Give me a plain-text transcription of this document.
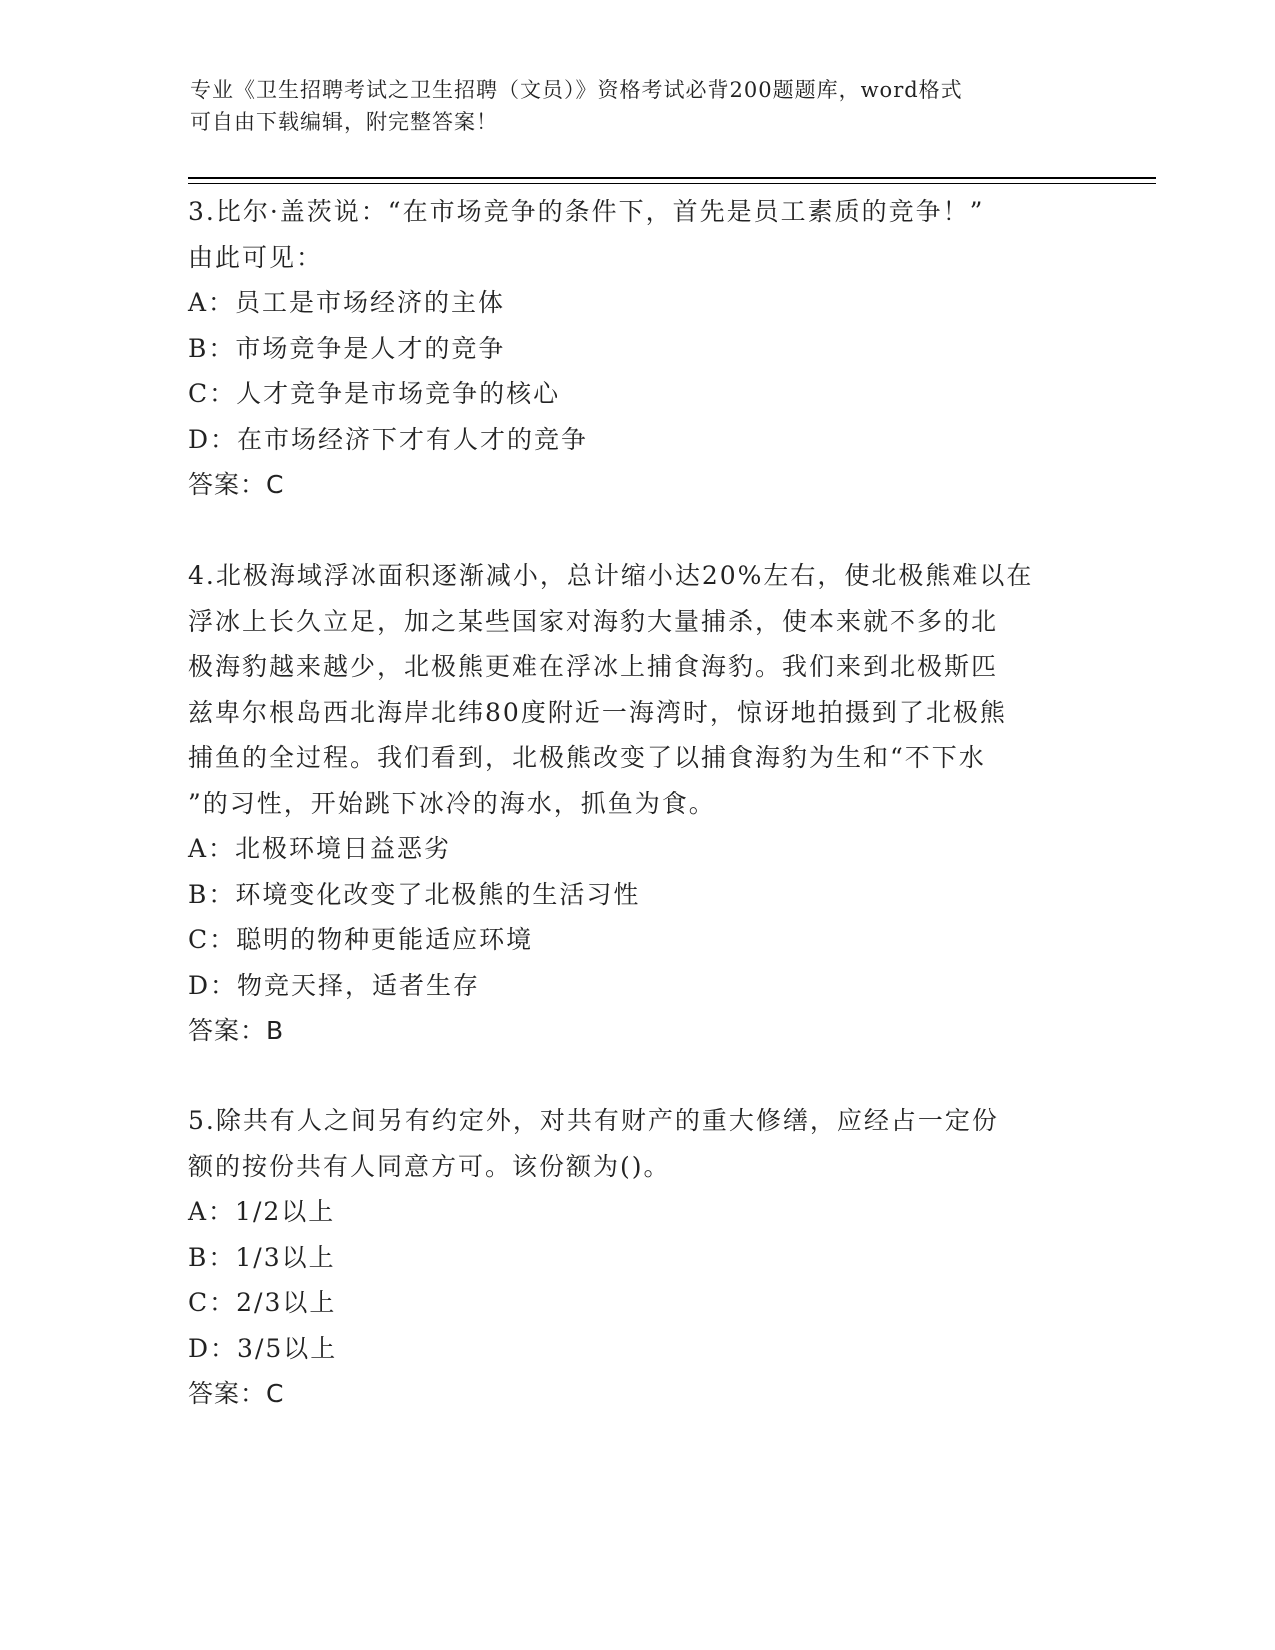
专业《卫生招聘考试之卫生招聘（文员）》资格考试必背200题题库，word格式
可自由下载编辑，附完整答案！

3.比尔·盖茨说：“在市场竞争的条件下，首先是员工素质的竞争！”

由此可见：

A：员工是市场经济的主体

B：市场竞争是人才的竞争

C：人才竞争是市场竞争的核心

D：在市场经济下才有人才的竞争

答案：C

4.北极海域浮冰面积逐渐减小，总计缩小达20%左右，使北极熊难以在

浮冰上长久立足，加之某些国家对海豹大量捕杀，使本来就不多的北

极海豹越来越少，北极熊更难在浮冰上捕食海豹。我们来到北极斯匹

兹卑尔根岛西北海岸北纬80度附近一海湾时，惊讶地拍摄到了北极熊

捕鱼的全过程。我们看到，北极熊改变了以捕食海豹为生和“不下水

”的习性，开始跳下冰冷的海水，抓鱼为食。

A：北极环境日益恶劣

B：环境变化改变了北极熊的生活习性

C：聪明的物种更能适应环境

D：物竞天择，适者生存

答案：B

5.除共有人之间另有约定外，对共有财产的重大修缮，应经占一定份

额的按份共有人同意方可。该份额为()。

A：1/2以上

B：1/3以上

C：2/3以上

D：3/5以上

答案：C
